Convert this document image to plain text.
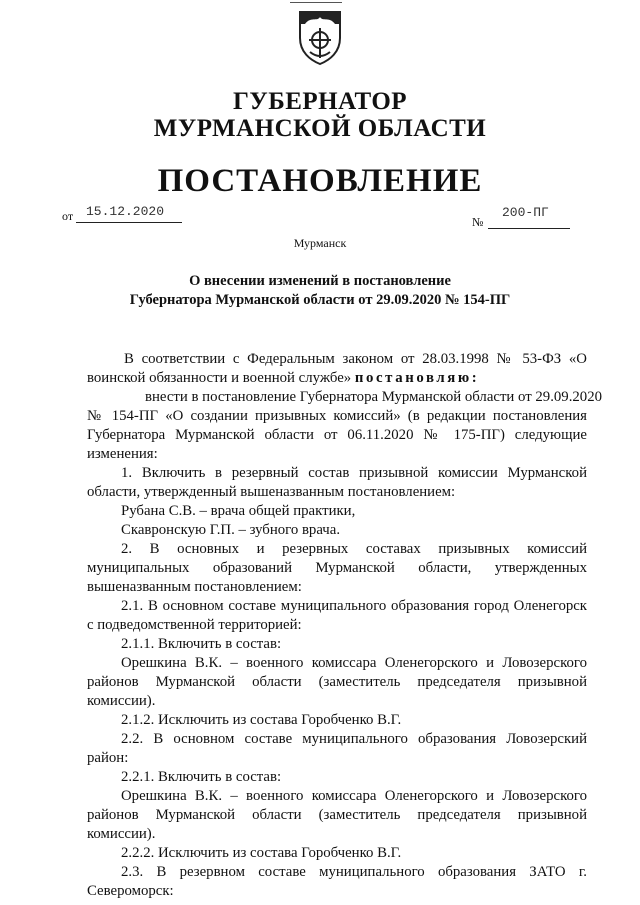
ГУБЕРНАТОР
МУРМАНСКОЙ ОБЛАСТИ
ПОСТАНОВЛЕНИЕ
от 15.12.2020
№
200-ПГ
Мурманск
О внесении изменений в постановление
Губернатора Мурманской области от 29.09.2020 № 154-ПГ
В соответствии с Федеральным законом от 28.03.1998 № 53-ФЗ «О
воинской обязанности и военной службе» постановляю:
внести в постановление Губернатора Мурманской области от 29.09.2020
№ 154-ПГ «О создании призывных комиссий» (в редакции постановления
Губернатора Мурманской области от 06.11.2020 № 175-ПГ) следующие
изменения:
1. Включить в резервный состав призывной комиссии Мурманской
области, утвержденный вышеназванным постановлением:
Рубана С.В. – врача общей практики,
Скавронскую Г.П. – зубного врача.
2. В основных и резервных составах призывных комиссий
муниципальных образований Мурманской области, утвержденных
вышеназванным постановлением:
2.1. В основном составе муниципального образования город Оленегорск
с подведомственной территорией:
2.1.1. Включить в состав:
Орешкина В.К. – военного комиссара Оленегорского и Ловозерского
районов Мурманской области (заместитель председателя призывной
комиссии).
2.1.2. Исключить из состава Горобченко В.Г.
2.2. В основном составе муниципального образования Ловозерский
район:
2.2.1. Включить в состав:
Орешкина В.К. – военного комиссара Оленегорского и Ловозерского
районов Мурманской области (заместитель председателя призывной
комиссии).
2.2.2. Исключить из состава Горобченко В.Г.
2.3. В резервном составе муниципального образования ЗАТО г.
Североморск:
